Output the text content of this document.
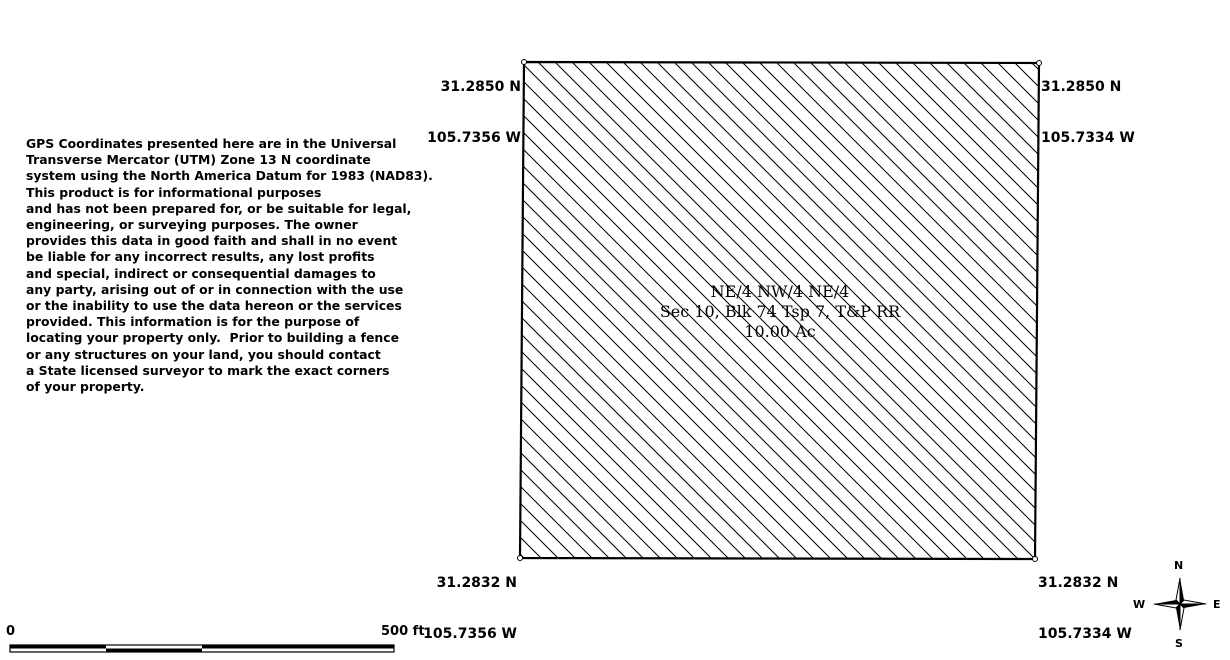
GPS Coordinates presented here are in the Universal
Transverse Mercator (UTM) Zone 13 N coordinate
system using the North America Datum for 1983 (NAD83).
This product is for informational purposes
and has not been prepared for, or be suitable for legal,
engineering, or surveying purposes. The owner
provides this data in good faith and shall in no event
be liable for any incorrect results, any lost profits
and special, indirect or consequential damages to
any party, arising out of or in connection with the use
or the inability to use the data hereon or the services
provided. This information is for the purpose of
locating your property only.  Prior to building a fence
or any structures on your land, you should contact
a State licensed surveyor to mark the exact corners
of your property.

31.2850 N

105.7356 W

31.2850 N

105.7334 W

31.2832 N

105.7356 W

31.2832 N

105.7334 W

NE/4 NW/4 NE/4
Sec 10, Blk 74 Tsp 7, T&P RR
10.00 Ac
0	500 ft
N
S
W	E
